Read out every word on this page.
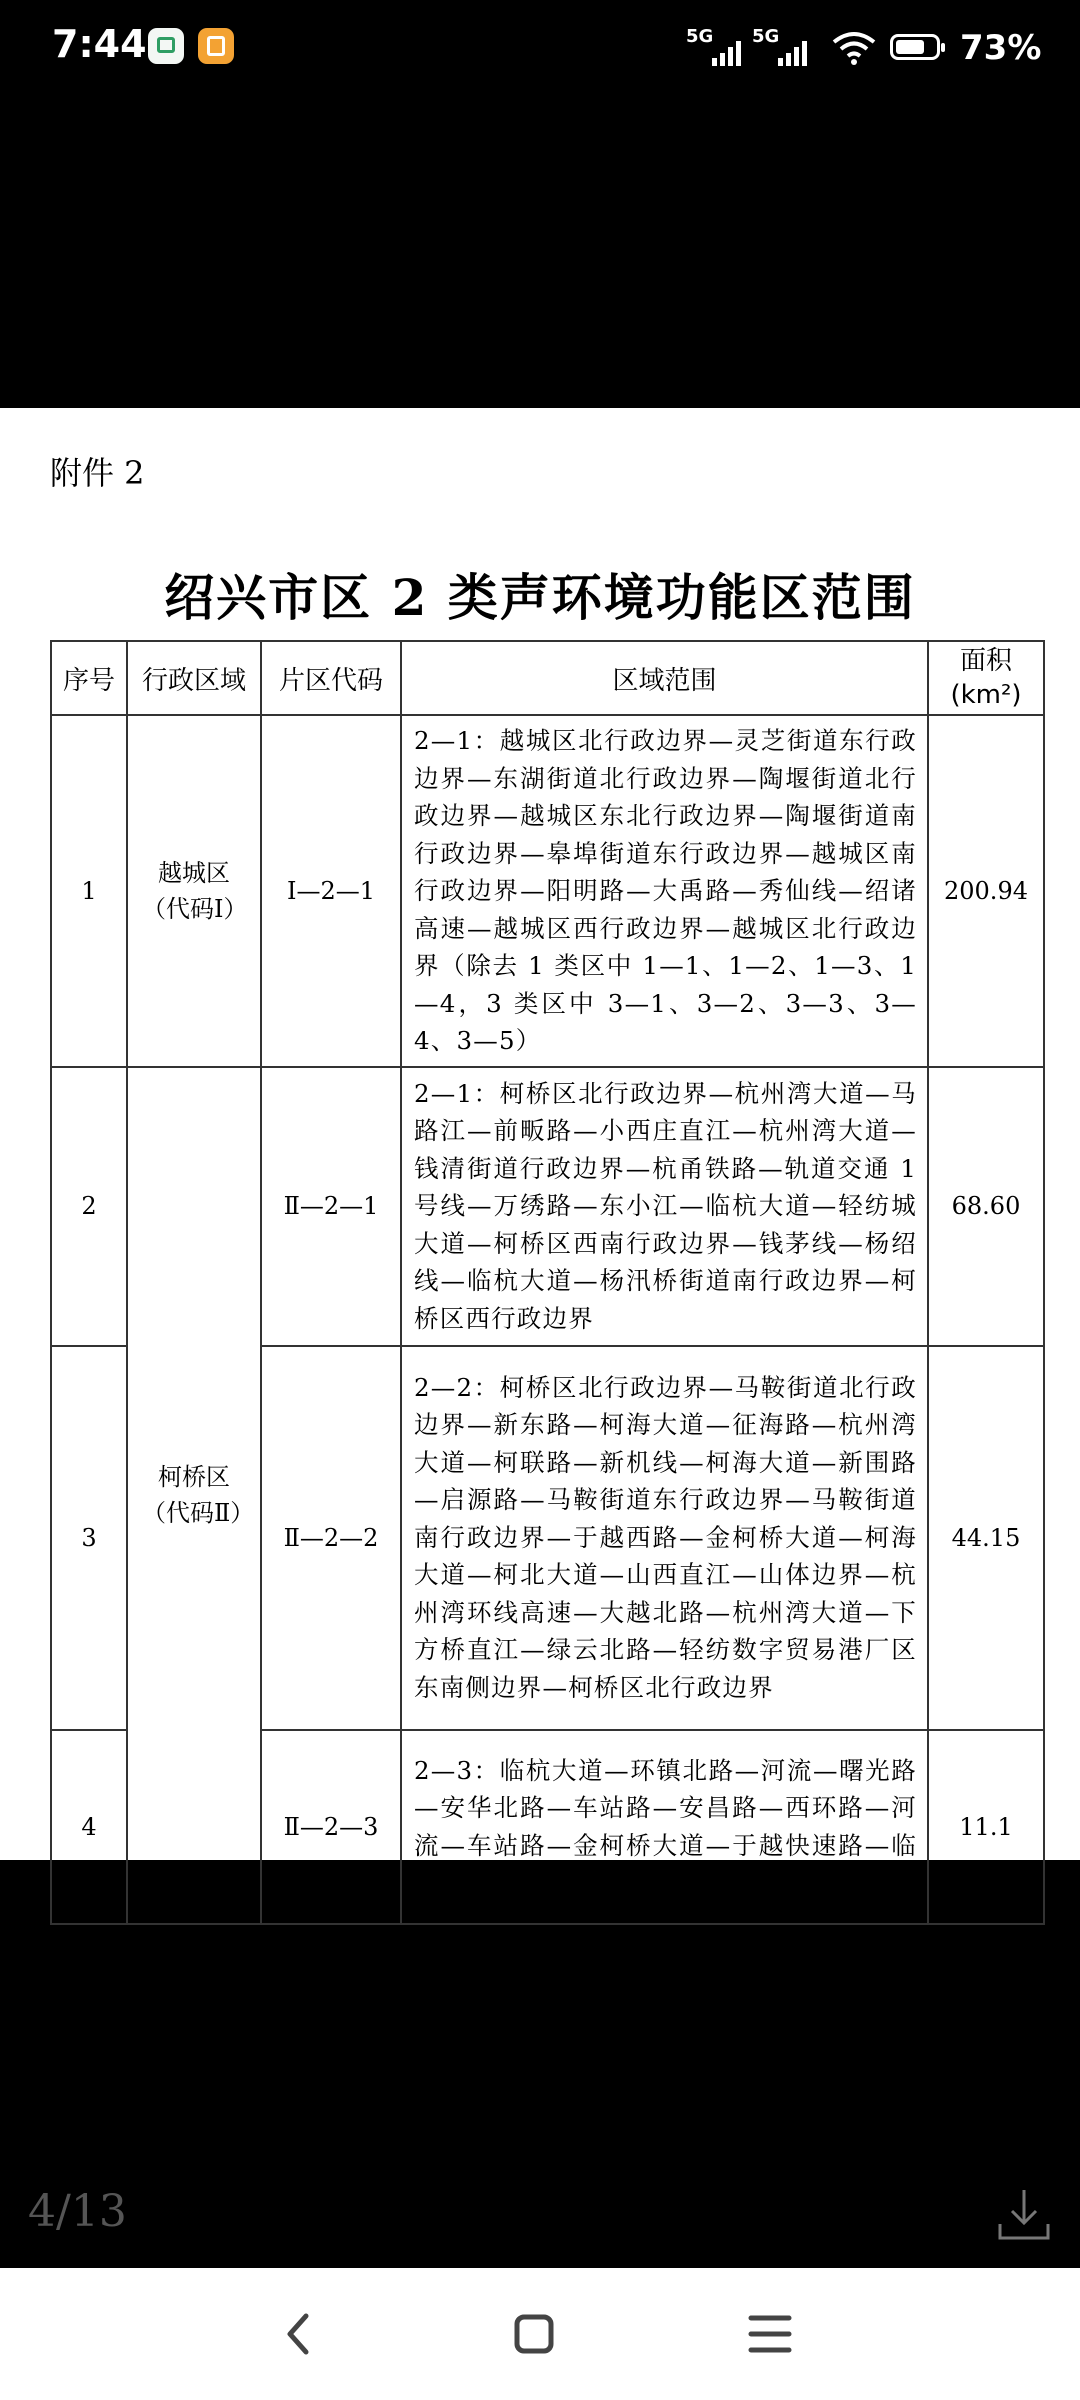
7:44	5G 5G	73%
附件 2
绍兴市区 2 类声环境功能区范围
序号	行政区域	片区代码	区域范围	面积
(km²)

1	越城区（代码Ⅰ）	Ⅰ—2—1	2—1：越城区北行政边界—灵芝街道东行政边界—东湖街道北行政边界—陶堰街道北行政边界—越城区东北行政边界—陶堰街道南行政边界—皋埠街道东行政边界—越城区南行政边界—阳明路—大禹路—秀仙线—绍诸高速—越城区西行政边界—越城区北行政边界（除去 1 类区中 1—1、1—2、1—3、1—4，3 类区中 3—1、3—2、3—3、3—4、3—5）	200.94
2	柯桥区（代码Ⅱ）	Ⅱ—2—1	2—1：柯桥区北行政边界—杭州湾大道—马路江—前畈路—小西庄直江—杭州湾大道—钱清街道行政边界—杭甬铁路—轨道交通 1 号线—万绣路—东小江—临杭大道—轻纺城大道—柯桥区西南行政边界—钱茅线—杨绍线—临杭大道—杨汛桥街道南行政边界—柯桥区西行政边界	68.60
3		Ⅱ—2—2	2—2：柯桥区北行政边界—马鞍街道北行政边界—新东路—柯海大道—征海路—杭州湾大道—柯联路—新机线—柯海大道—新围路—启源路—马鞍街道东行政边界—马鞍街道南行政边界—于越西路—金柯桥大道—柯海大道—柯北大道—山西直江—山体边界—杭州湾环线高速—大越北路—杭州湾大道—下方桥直江—绿云北路—轻纺数字贸易港厂区东南侧边界—柯桥区北行政边界	44.15
4		Ⅱ—2—3	2—3：临杭大道—环镇北路—河流—曙光路—安华北路—车站路—安昌路—西环路—河流—车站路—金柯桥大道—于越快速路—临杭大道	11.1
4/13
